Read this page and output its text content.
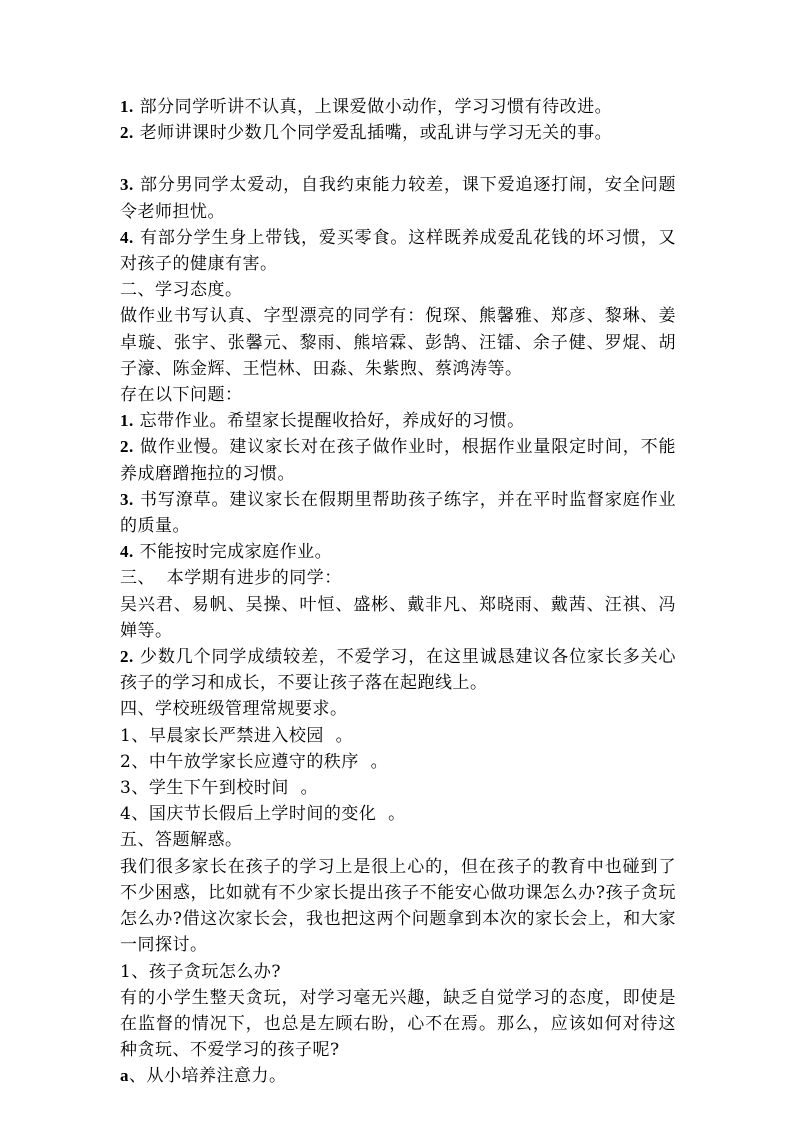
1. 部分同学听讲不认真，上课爱做小动作，学习习惯有待改进。

2. 老师讲课时少数几个同学爱乱插嘴，或乱讲与学习无关的事。

3. 部分男同学太爱动，自我约束能力较差，课下爱追逐打闹，安全问题令老师担忧。

4. 有部分学生身上带钱，爱买零食。这样既养成爱乱花钱的坏习惯，又对孩子的健康有害。

二、学习态度。

做作业书写认真、字型漂亮的同学有：倪琛、熊馨雅、郑彦、黎琳、姜卓璇、张宇、张馨元、黎雨、熊培霖、彭鹄、汪镭、余子健、罗焜、胡子濠、陈金辉、王恺林、田淼、朱紫煦、蔡鸿涛等。

存在以下问题：

1. 忘带作业。希望家长提醒收拾好，养成好的习惯。

2. 做作业慢。建议家长对在孩子做作业时，根据作业量限定时间，不能养成磨蹭拖拉的习惯。

3. 书写潦草。建议家长在假期里帮助孩子练字，并在平时监督家庭作业的质量。

4. 不能按时完成家庭作业。

三、  本学期有进步的同学：

吴兴君、易帆、吴操、叶恒、盛彬、戴非凡、郑晓雨、戴茜、汪祺、冯婵等。

2. 少数几个同学成绩较差，不爱学习，在这里诚恳建议各位家长多关心孩子的学习和成长，不要让孩子落在起跑线上。

四、学校班级管理常规要求。

1、早晨家长严禁进入校园  。

2、中午放学家长应遵守的秩序  。

3、学生下午到校时间  。

4、国庆节长假后上学时间的变化  。

五、答题解惑。

我们很多家长在孩子的学习上是很上心的，但在孩子的教育中也碰到了不少困惑，比如就有不少家长提出孩子不能安心做功课怎么办?孩子贪玩怎么办?借这次家长会，我也把这两个问题拿到本次的家长会上，和大家一同探讨。

1、孩子贪玩怎么办?

有的小学生整天贪玩，对学习毫无兴趣，缺乏自觉学习的态度，即使是在监督的情况下，也总是左顾右盼，心不在焉。那么，应该如何对待这种贪玩、不爱学习的孩子呢?

a、从小培养注意力。
